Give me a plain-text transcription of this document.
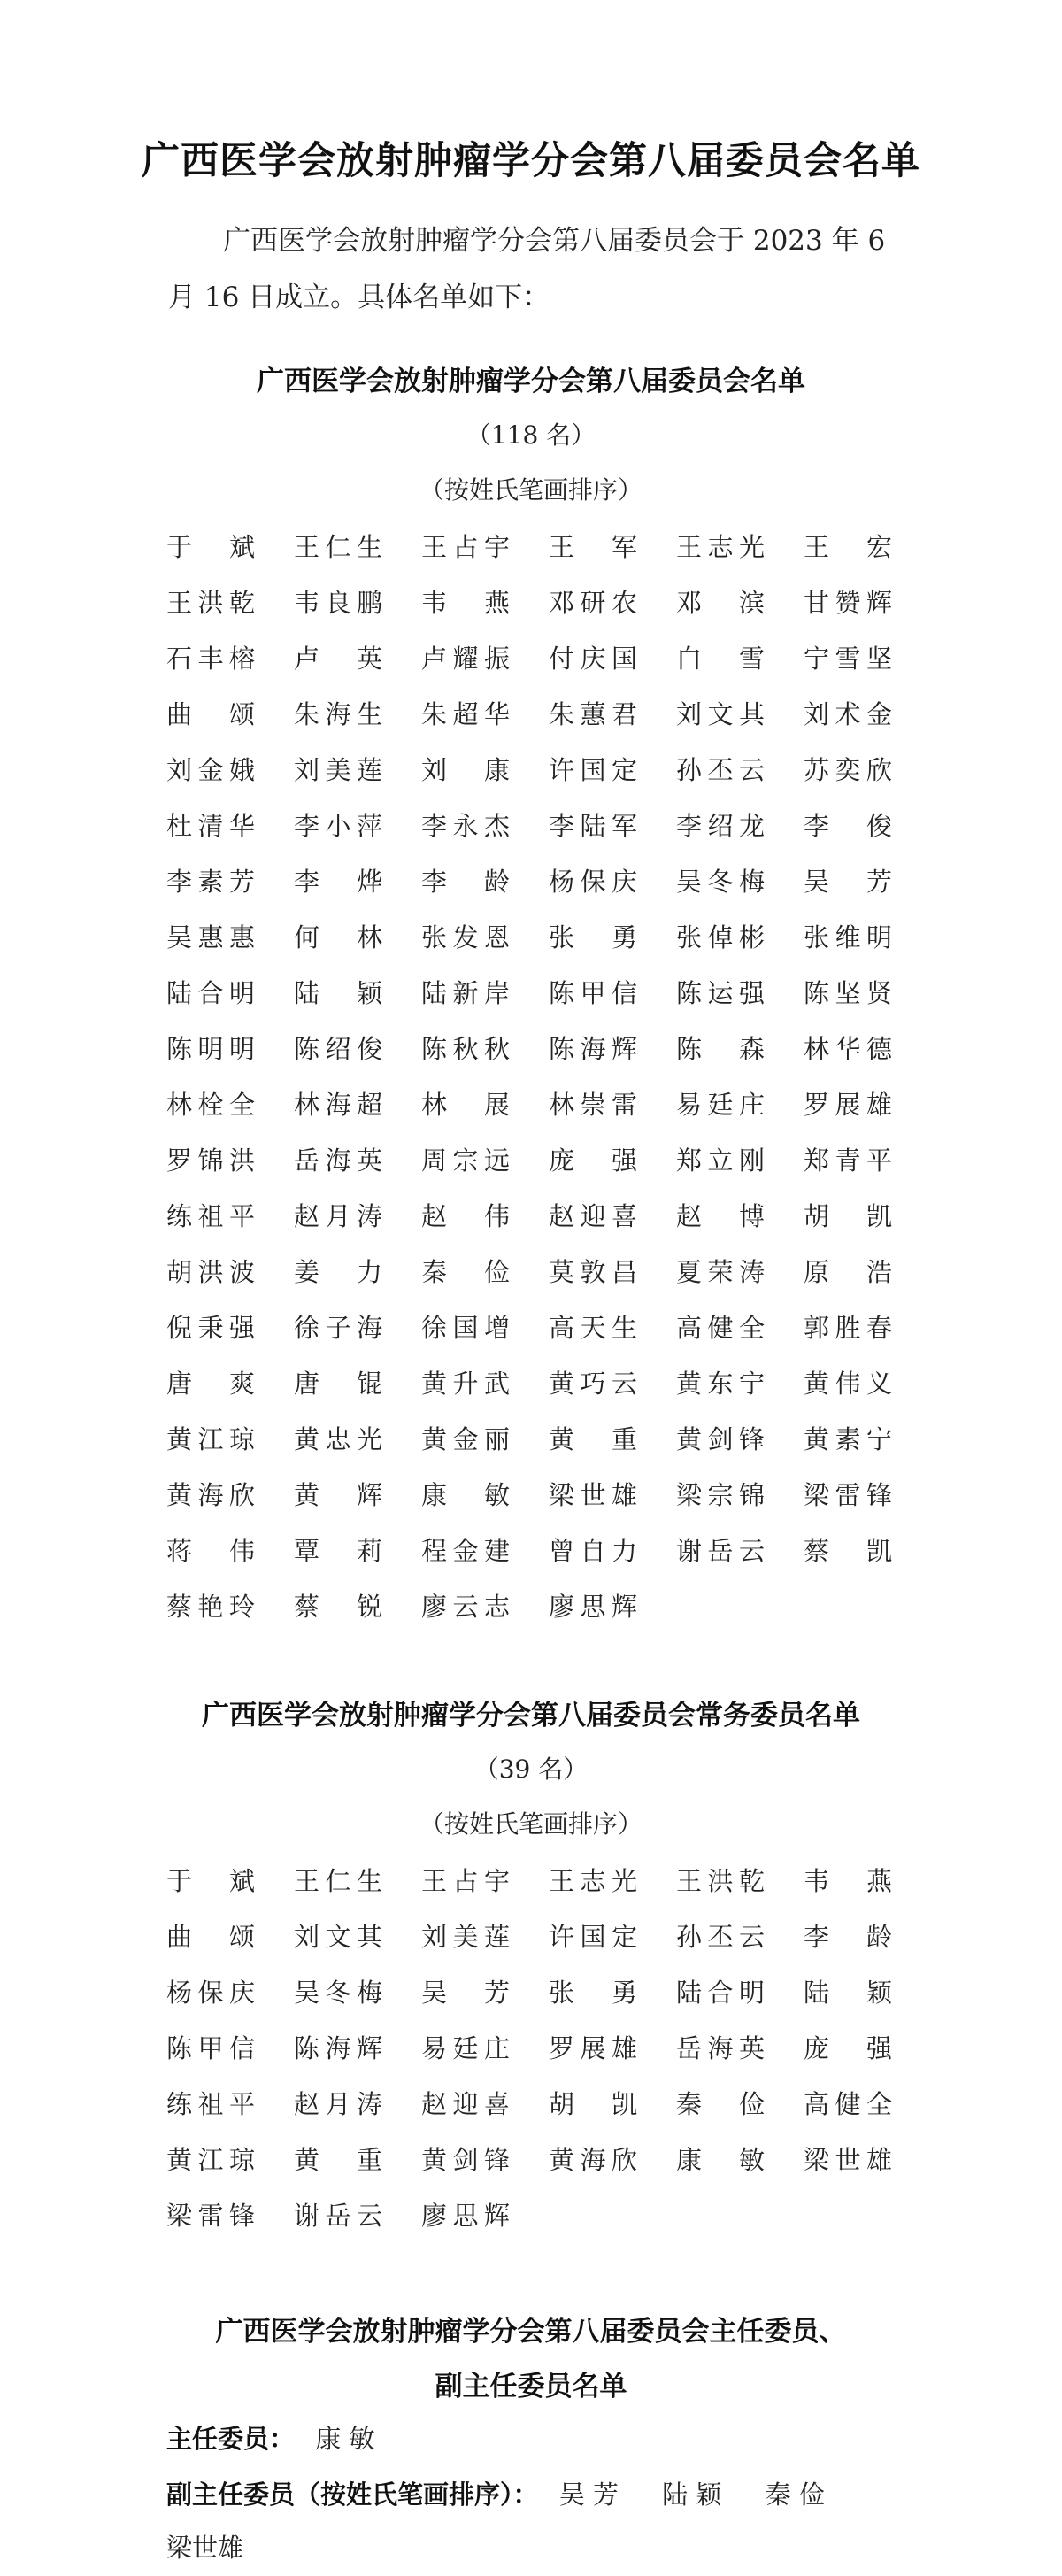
广西医学会放射肿瘤学分会第八届委员会名单
广西医学会放射肿瘤学分会第八届委员会于 2023 年 6 月 16 日成立。具体名单如下：
广西医学会放射肿瘤学分会第八届委员会名单
（118 名）
（按姓氏笔画排序）
于 斌 王仁生 王占宇 王 军 王志光 王 宏
王洪乾 韦良鹏 韦 燕 邓研农 邓 滨 甘赞辉
石丰榕 卢 英 卢耀振 付庆国 白 雪 宁雪坚
曲 颂 朱海生 朱超华 朱蕙君 刘文其 刘术金
刘金娥 刘美莲 刘 康 许国定 孙丕云 苏奕欣
杜清华 李小萍 李永杰 李陆军 李绍龙 李 俊
李素芳 李 烨 李 龄 杨保庆 吴冬梅 吴 芳
吴惠惠 何 林 张发恩 张 勇 张倬彬 张维明
陆合明 陆 颖 陆新岸 陈甲信 陈运强 陈坚贤
陈明明 陈绍俊 陈秋秋 陈海辉 陈 森 林华德
林栓全 林海超 林 展 林崇雷 易廷庄 罗展雄
罗锦洪 岳海英 周宗远 庞 强 郑立刚 郑青平
练祖平 赵月涛 赵 伟 赵迎喜 赵 博 胡 凯
胡洪波 姜 力 秦 俭 莫敦昌 夏荣涛 原 浩
倪秉强 徐子海 徐国增 高天生 高健全 郭胜春
唐 爽 唐 锟 黄升武 黄巧云 黄东宁 黄伟义
黄江琼 黄忠光 黄金丽 黄 重 黄剑锋 黄素宁
黄海欣 黄 辉 康 敏 梁世雄 梁宗锦 梁雷锋
蒋 伟 覃 莉 程金建 曾自力 谢岳云 蔡 凯
蔡艳玲 蔡 锐 廖云志 廖思辉
广西医学会放射肿瘤学分会第八届委员会常务委员名单
（39 名）
（按姓氏笔画排序）
于 斌 王仁生 王占宇 王志光 王洪乾 韦 燕
曲 颂 刘文其 刘美莲 许国定 孙丕云 李 龄
杨保庆 吴冬梅 吴 芳 张 勇 陆合明 陆 颖
陈甲信 陈海辉 易廷庄 罗展雄 岳海英 庞 强
练祖平 赵月涛 赵迎喜 胡 凯 秦 俭 高健全
黄江琼 黄 重 黄剑锋 黄海欣 康 敏 梁世雄
梁雷锋 谢岳云 廖思辉
广西医学会放射肿瘤学分会第八届委员会主任委员、
副主任委员名单
主任委员： 康 敏
副主任委员（按姓氏笔画排序）： 吴 芳 陆 颖 秦 俭
梁世雄
